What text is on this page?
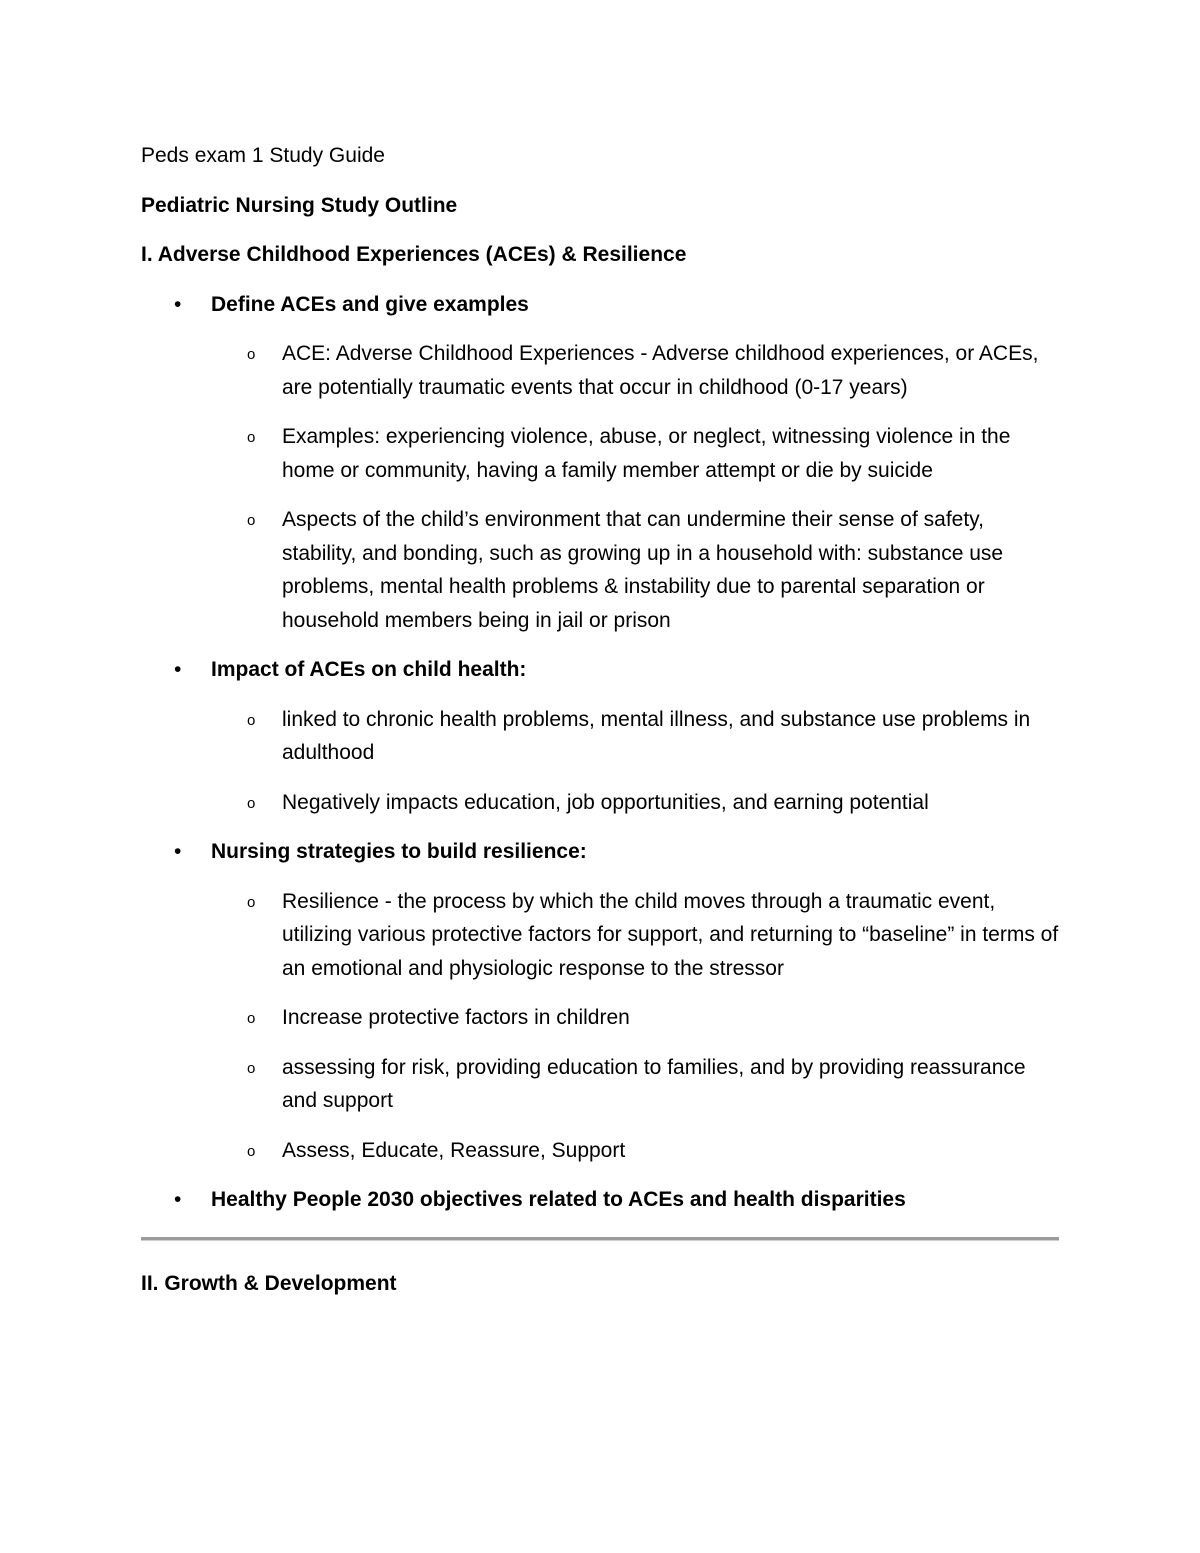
Peds exam 1 Study Guide

Pediatric Nursing Study Outline

I. Adverse Childhood Experiences (ACEs) & Resilience

• Define ACEs and give examples
o ACE: Adverse Childhood Experiences - Adverse childhood experiences, or ACEs, are potentially traumatic events that occur in childhood (0-17 years)
o Examples: experiencing violence, abuse, or neglect, witnessing violence in the home or community, having a family member attempt or die by suicide
o Aspects of the child’s environment that can undermine their sense of safety, stability, and bonding, such as growing up in a household with: substance use problems, mental health problems & instability due to parental separation or household members being in jail or prison
• Impact of ACEs on child health:
o linked to chronic health problems, mental illness, and substance use problems in adulthood
o Negatively impacts education, job opportunities, and earning potential
• Nursing strategies to build resilience:
o Resilience - the process by which the child moves through a traumatic event, utilizing various protective factors for support, and returning to “baseline” in terms of an emotional and physiologic response to the stressor
o Increase protective factors in children
o assessing for risk, providing education to families, and by providing reassurance and support
o Assess, Educate, Reassure, Support
• Healthy People 2030 objectives related to ACEs and health disparities

II. Growth & Development
